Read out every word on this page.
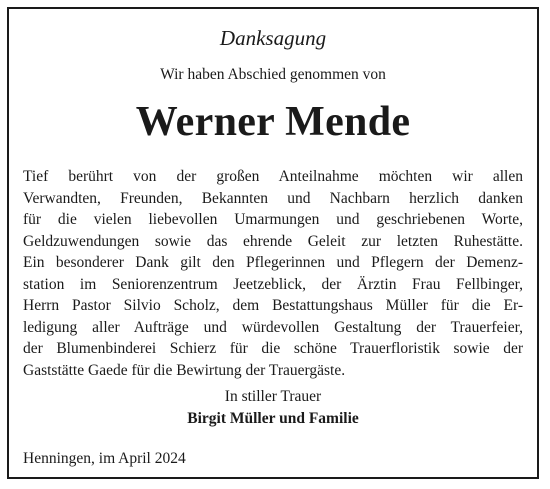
Danksagung
Wir haben Abschied genommen von
Werner Mende
Tief berührt von der großen Anteilnahme möchten wir allen
Verwandten, Freunden, Bekannten und Nachbarn herzlich danken
für die vielen liebevollen Umarmungen und geschriebenen Worte,
Geldzuwendungen sowie das ehrende Geleit zur letzten Ruhestätte.
Ein besonderer Dank gilt den Pflegerinnen und Pflegern der Demenz-
station im Seniorenzentrum Jeetzeblick, der Ärztin Frau Fellbinger,
Herrn Pastor Silvio Scholz, dem Bestattungshaus Müller für die Er-
ledigung aller Aufträge und würdevollen Gestaltung der Trauerfeier,
der Blumenbinderei Schierz für die schöne Trauerfloristik sowie der
Gaststätte Gaede für die Bewirtung der Trauergäste.
In stiller Trauer
Birgit Müller und Familie
Henningen, im April 2024
